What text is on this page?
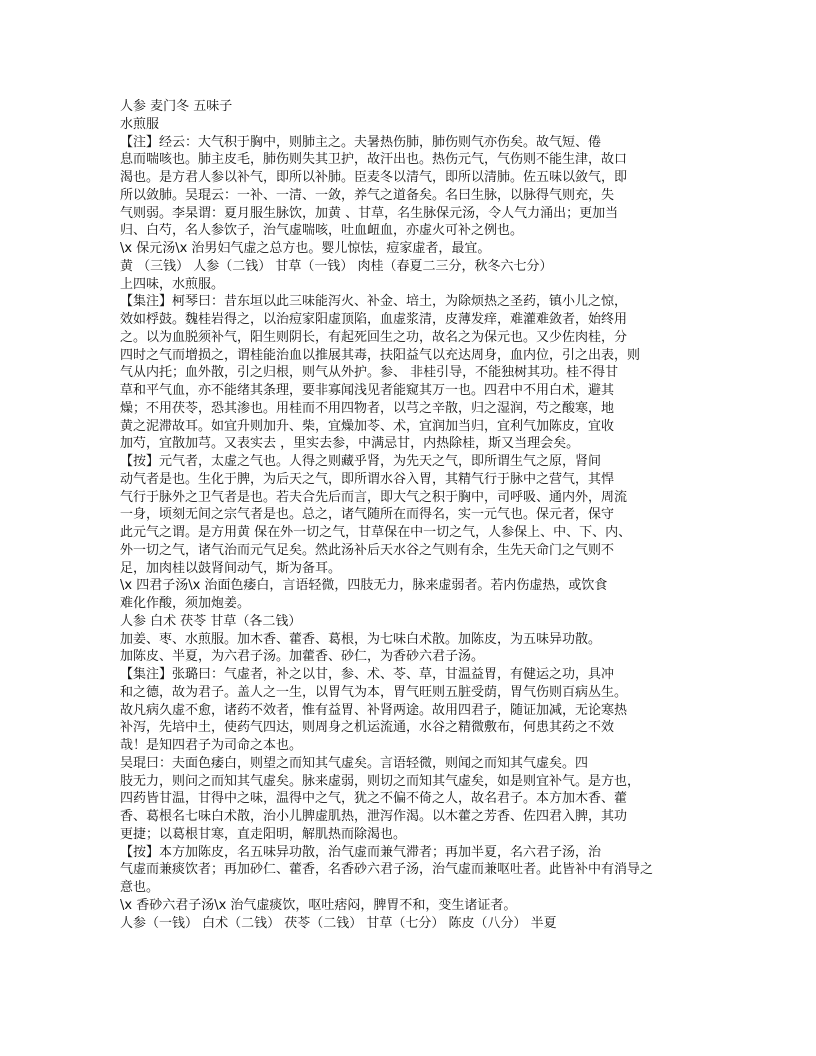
人参 麦门冬 五味子
水煎服
【注】经云：大气积于胸中，则肺主之。夫暑热伤肺，肺伤则气亦伤矣。故气短、倦
息而喘咳也。肺主皮毛，肺伤则失其卫护，故汗出也。热伤元气，气伤则不能生津，故口
渴也。是方君人参以补气，即所以补肺。臣麦冬以清气，即所以清肺。佐五味以敛气，即
所以敛肺。吴琨云：一补、一清、一敛，养气之道备矣。名曰生脉，以脉得气则充，失
气则弱。李杲谓：夏月服生脉饮，加黄 、甘草，名生脉保元汤，令人气力涌出；更加当
归、白芍，名人参饮子，治气虚喘咳，吐血衄血，亦虚火可补之例也。
\x 保元汤\x 治男妇气虚之总方也。婴儿惊怯，痘家虚者，最宜。
黄 （三钱） 人参（二钱） 甘草（一钱） 肉桂（春夏二三分，秋冬六七分）
上四味，水煎服。
【集注】柯琴曰：昔东垣以此三味能泻火、补金、培土，为除烦热之圣药，镇小儿之惊，
效如桴鼓。魏桂岩得之，以治痘家阳虚顶陷，血虚浆清，皮薄发痒，难灌难敛者，始终用
之。以为血脱须补气，阳生则阴长，有起死回生之功，故名之为保元也。又少佐肉桂，分
四时之气而增损之，谓桂能治血以推展其毒，扶阳益气以充达周身，血内位，引之出表，则
气从内托；血外散，引之归根，则气从外护。参、 非桂引导，不能独树其功。桂不得甘
草和平气血，亦不能绪其条理，要非寡闻浅见者能窥其万一也。四君中不用白术，避其
燥；不用茯苓，恐其渗也。用桂而不用四物者，以芎之辛散，归之湿润，芍之酸寒，地
黄之泥滞故耳。如宜升则加升、柴，宜燥加苓、术，宜润加当归，宜利气加陈皮，宜收
加芍，宜散加芎。又表实去 ，里实去参，中满忌甘，内热除桂，斯又当理会矣。
【按】元气者，太虚之气也。人得之则藏乎肾，为先天之气，即所谓生气之原，肾间
动气者是也。生化于脾，为后天之气，即所谓水谷入胃，其精气行于脉中之营气，其悍
气行于脉外之卫气者是也。若夫合先后而言，即大气之积于胸中，司呼吸、通内外，周流
一身，顷刻无间之宗气者是也。总之，诸气随所在而得名，实一元气也。保元者，保守
此元气之谓。是方用黄 保在外一切之气，甘草保在中一切之气，人参保上、中、下、内、
外一切之气，诸气治而元气足矣。然此汤补后天水谷之气则有余，生先天命门之气则不
足，加肉桂以鼓肾间动气，斯为备耳。
\x 四君子汤\x 治面色痿白，言语轻微，四肢无力，脉来虚弱者。若内伤虚热，或饮食
难化作酸，须加炮姜。
人参 白术 茯苓 甘草（各二钱）
加姜、枣、水煎服。加木香、藿香、葛根，为七味白术散。加陈皮，为五味异功散。
加陈皮、半夏，为六君子汤。加藿香、砂仁，为香砂六君子汤。
【集注】张璐曰：气虚者，补之以甘，参、术、苓、草，甘温益胃，有健运之功，具冲
和之德，故为君子。盖人之一生，以胃气为本，胃气旺则五脏受荫，胃气伤则百病丛生。
故凡病久虚不愈，诸药不效者，惟有益胃、补肾两途。故用四君子，随证加减，无论寒热
补泻，先培中土，使药气四达，则周身之机运流通，水谷之精微敷布，何患其药之不效
哉！是知四君子为司命之本也。
吴琨曰：夫面色痿白，则望之而知其气虚矣。言语轻微，则闻之而知其气虚矣。四
肢无力，则问之而知其气虚矣。脉来虚弱，则切之而知其气虚矣，如是则宜补气。是方也，
四药皆甘温，甘得中之味，温得中之气，犹之不偏不倚之人，故名君子。本方加木香、藿
香、葛根名七味白术散，治小儿脾虚肌热，泄泻作渴。以木藿之芳香、佐四君入脾，其功
更捷；以葛根甘寒，直走阳明，解肌热而除渴也。
【按】本方加陈皮，名五味异功散，治气虚而兼气滞者；再加半夏，名六君子汤，治
气虚而兼痰饮者；再加砂仁、藿香，名香砂六君子汤，治气虚而兼呕吐者。此皆补中有消导之
意也。
\x 香砂六君子汤\x 治气虚痰饮，呕吐痞闷，脾胃不和，变生诸证者。
人参（一钱） 白术（二钱） 茯苓（二钱） 甘草（七分） 陈皮（八分） 半夏
